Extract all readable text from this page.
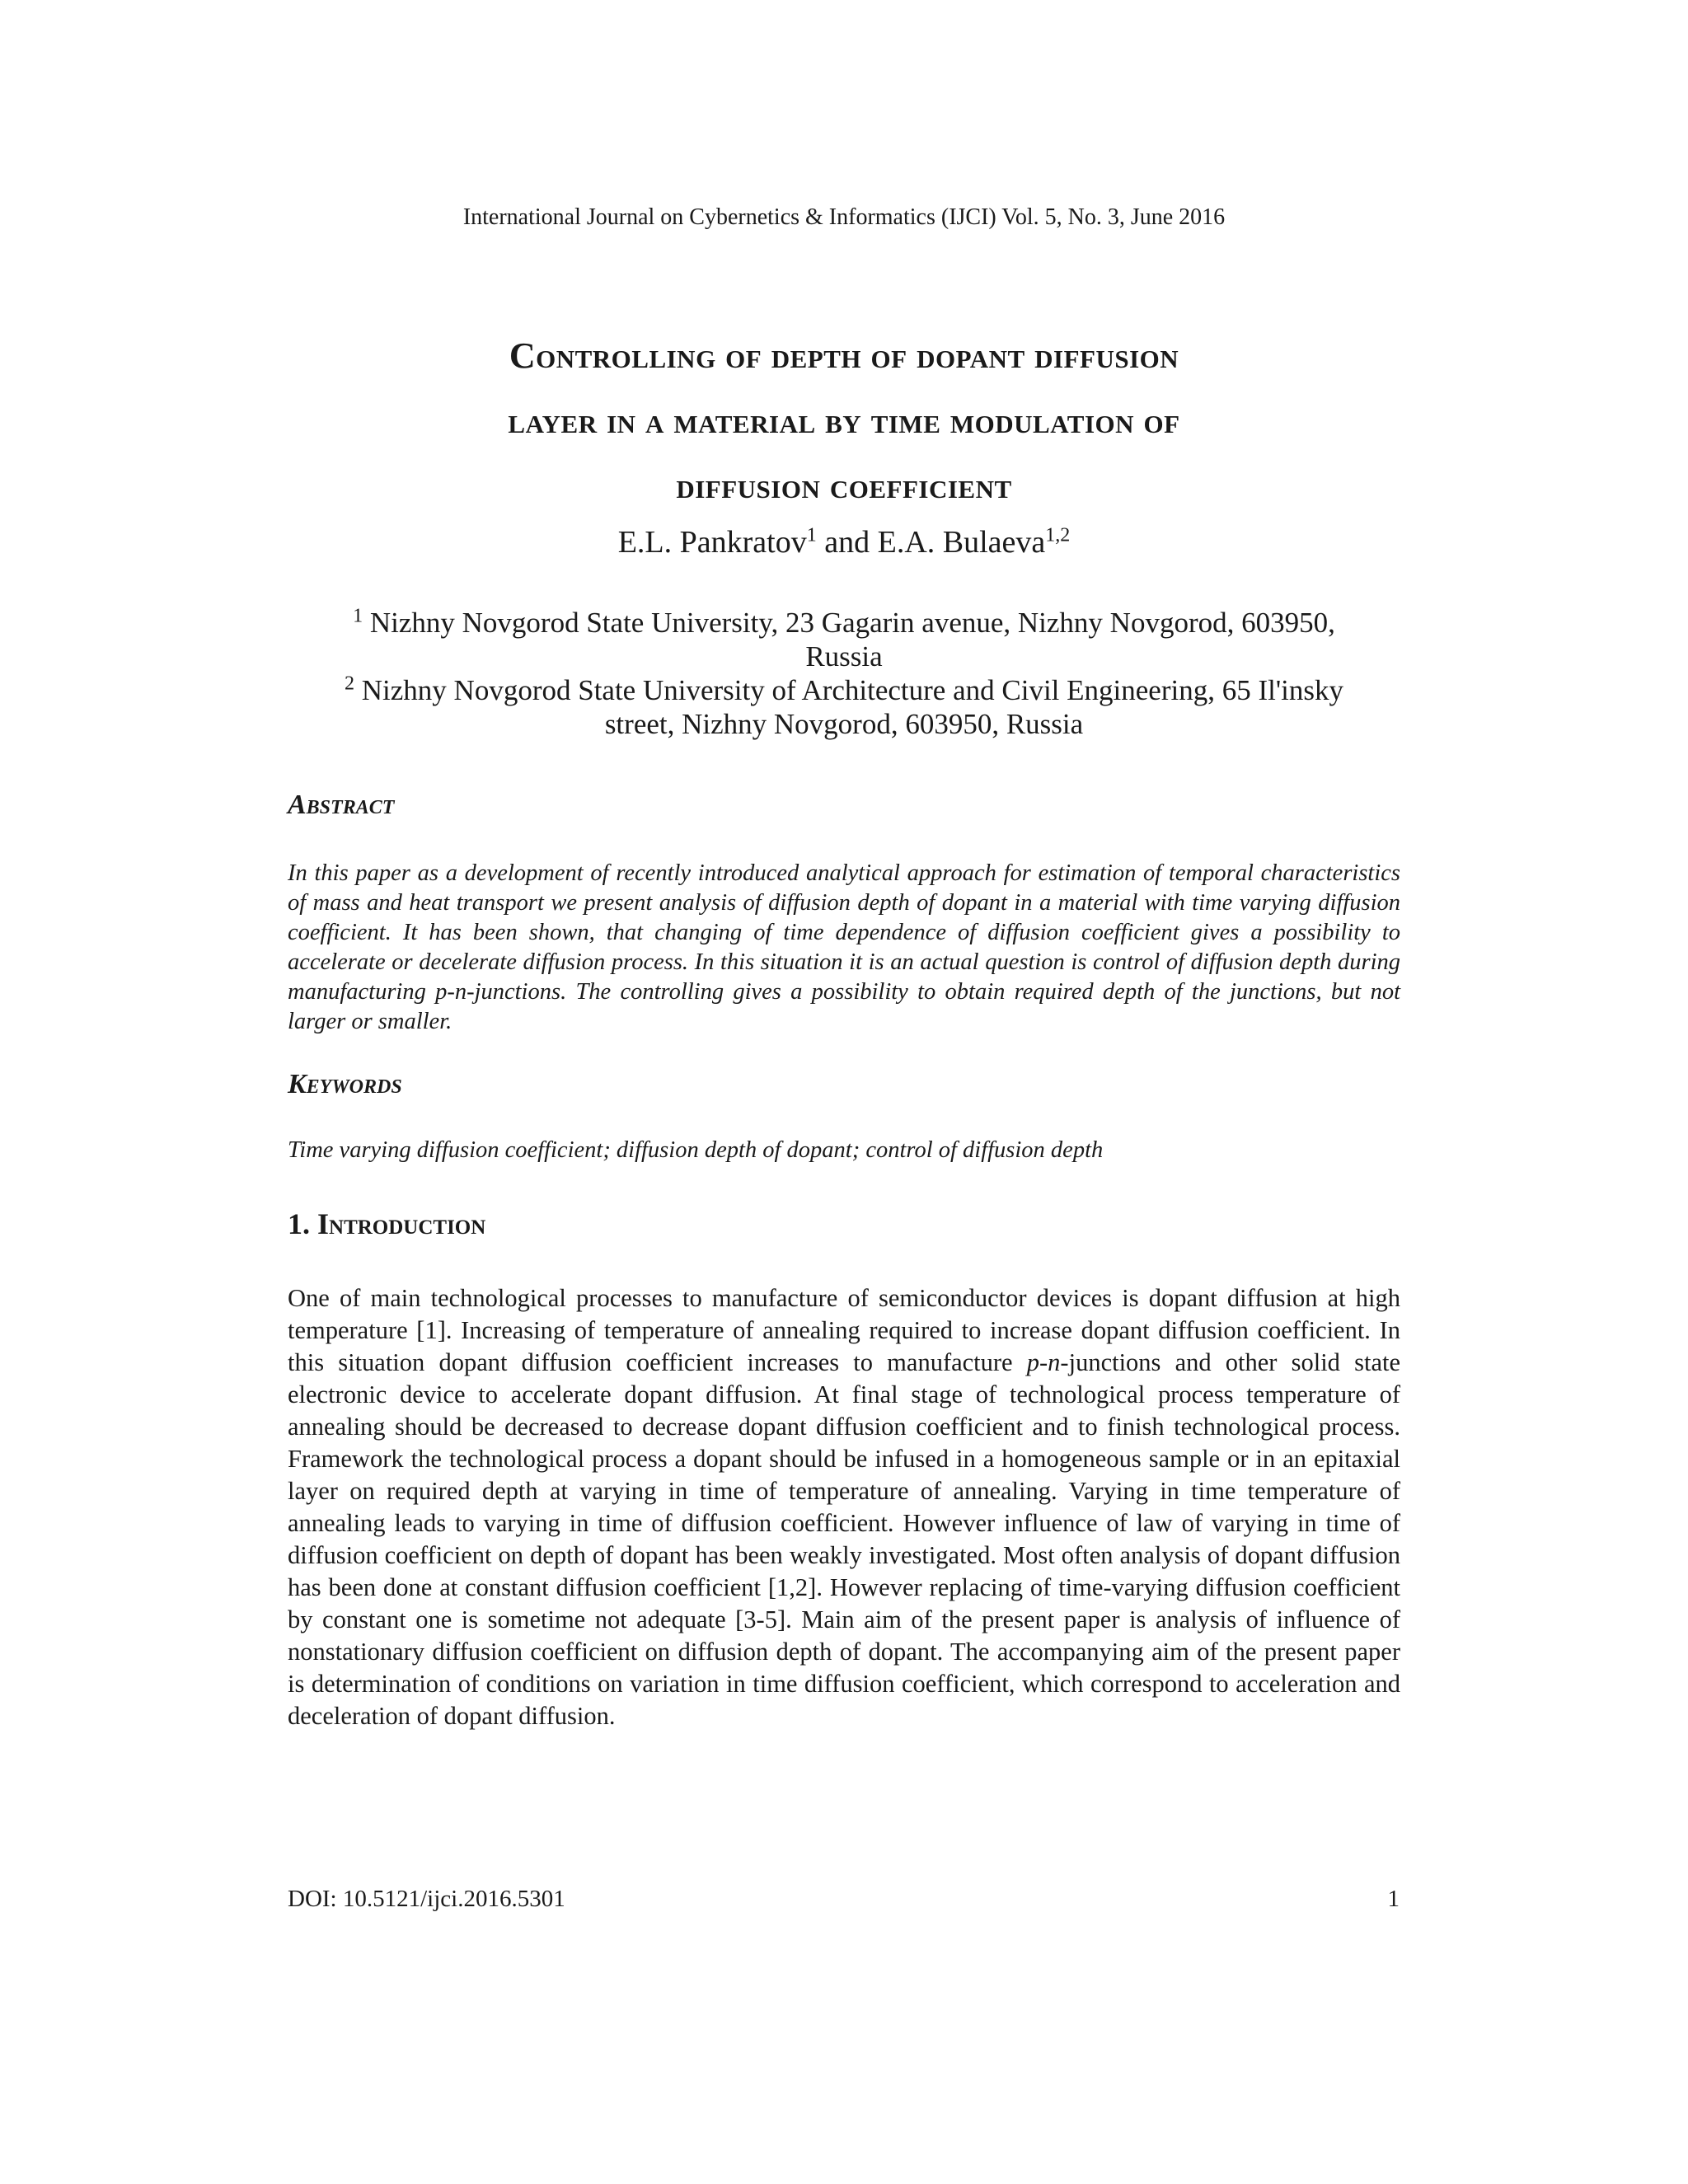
International Journal on Cybernetics & Informatics (IJCI) Vol. 5, No. 3, June 2016
Controlling of depth of dopant diffusion
layer in a material by time modulation of
diffusion coefficient
E.L. Pankratov$^1$ and E.A. Bulaeva$^{1,2}$
$^1$ Nizhny Novgorod State University, 23 Gagarin avenue, Nizhny Novgorod, 603950,
Russia
$^2$ Nizhny Novgorod State University of Architecture and Civil Engineering, 65 Il'insky
street, Nizhny Novgorod, 603950, Russia
Abstract
In this paper as a development of recently introduced analytical approach for estimation of temporal characteristics of mass and heat transport we present analysis of diffusion depth of dopant in a material with time varying diffusion coefficient. It has been shown, that changing of time dependence of diffusion coefficient gives a possibility to accelerate or decelerate diffusion process. In this situation it is an actual question is control of diffusion depth during manufacturing p-n-junctions. The controlling gives a possibility to obtain required depth of the junctions, but not larger or smaller.
Keywords
Time varying diffusion coefficient; diffusion depth of dopant; control of diffusion depth
1. Introduction
One of main technological processes to manufacture of semiconductor devices is dopant diffusion at high temperature [1]. Increasing of temperature of annealing required to increase dopant diffusion coefficient. In this situation dopant diffusion coefficient increases to manufacture p-n-junctions and other solid state electronic device to accelerate dopant diffusion. At final stage of technological process temperature of annealing should be decreased to decrease dopant diffusion coefficient and to finish technological process. Framework the technological process a dopant should be infused in a homogeneous sample or in an epitaxial layer on required depth at varying in time of temperature of annealing. Varying in time temperature of annealing leads to varying in time of diffusion coefficient. However influence of law of varying in time of diffusion coefficient on depth of dopant has been weakly investigated. Most often analysis of dopant diffusion has been done at constant diffusion coefficient [1,2]. However replacing of time-varying diffusion coefficient by constant one is sometime not adequate [3-5]. Main aim of the present paper is analysis of influence of nonstationary diffusion coefficient on diffusion depth of dopant. The accompanying aim of the present paper is determination of conditions on variation in time diffusion coefficient, which correspond to acceleration and deceleration of dopant diffusion.
DOI: 10.5121/ijci.2016.5301	1
